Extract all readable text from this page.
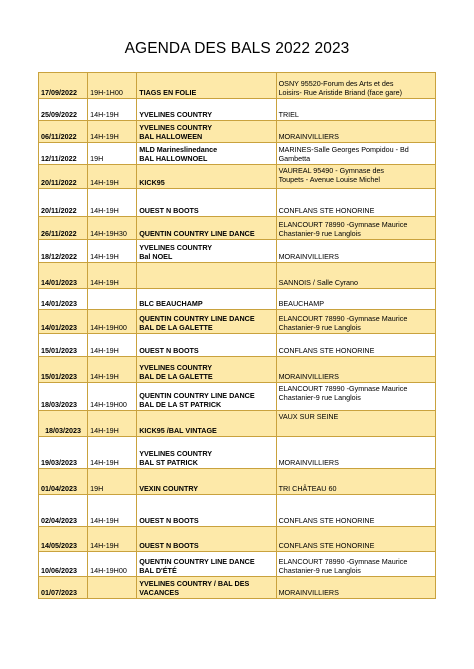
AGENDA DES BALS 2022 2023
17/09/2022	19H-1H00	TIAGS EN FOLIE	OSNY 95520-Forum des Arts et des
Loisirs- Rue Aristide Briand (face gare)
25/09/2022	14H-19H	YVELINES COUNTRY	TRIEL
06/11/2022	14H-19H	YVELINES COUNTRY
BAL HALLOWEEN	MORAINVILLIERS
12/11/2022	19H	MLD Marineslinedance
BAL HALLOWNOEL	MARINES-Salle Georges Pompidou - Bd
Gambetta
20/11/2022	14H-19H	KICK95	VAUREAL 95490 - Gymnase des
Toupets - Avenue Louise Michel
20/11/2022	14H-19H	OUEST N BOOTS	CONFLANS STE HONORINE
26/11/2022	14H-19H30	QUENTIN COUNTRY LINE DANCE	ELANCOURT 78990 -Gymnase Maurice
Chastanier-9 rue Langlois
18/12/2022	14H-19H	YVELINES COUNTRY
Bal NOEL	MORAINVILLIERS
14/01/2023	14H-19H		SANNOIS / Salle Cyrano
14/01/2023		BLC BEAUCHAMP	BEAUCHAMP
14/01/2023	14H-19H00	QUENTIN COUNTRY LINE DANCE
BAL DE LA GALETTE	ELANCOURT 78990 -Gymnase Maurice
Chastanier-9 rue Langlois
15/01/2023	14H-19H	OUEST N BOOTS	CONFLANS STE HONORINE
15/01/2023	14H-19H	YVELINES COUNTRY
BAL DE LA GALETTE	MORAINVILLIERS
18/03/2023	14H-19H00	QUENTIN COUNTRY LINE DANCE
BAL DE LA ST PATRICK	ELANCOURT 78990 -Gymnase Maurice
Chastanier-9 rue Langlois
18/03/2023	14H-19H	KICK95 /BAL VINTAGE	VAUX SUR SEINE
19/03/2023	14H-19H	YVELINES COUNTRY
BAL ST PATRICK	MORAINVILLIERS
01/04/2023	19H	VEXIN COUNTRY	TRI CHÂTEAU 60
02/04/2023	14H-19H	OUEST N BOOTS	CONFLANS STE HONORINE
14/05/2023	14H-19H	OUEST N BOOTS	CONFLANS STE HONORINE
10/06/2023	14H-19H00	QUENTIN COUNTRY LINE DANCE
BAL D'ÉTÉ	ELANCOURT 78990 -Gymnase Maurice
Chastanier-9 rue Langlois
01/07/2023		YVELINES COUNTRY / BAL DES
VACANCES	MORAINVILLIERS
